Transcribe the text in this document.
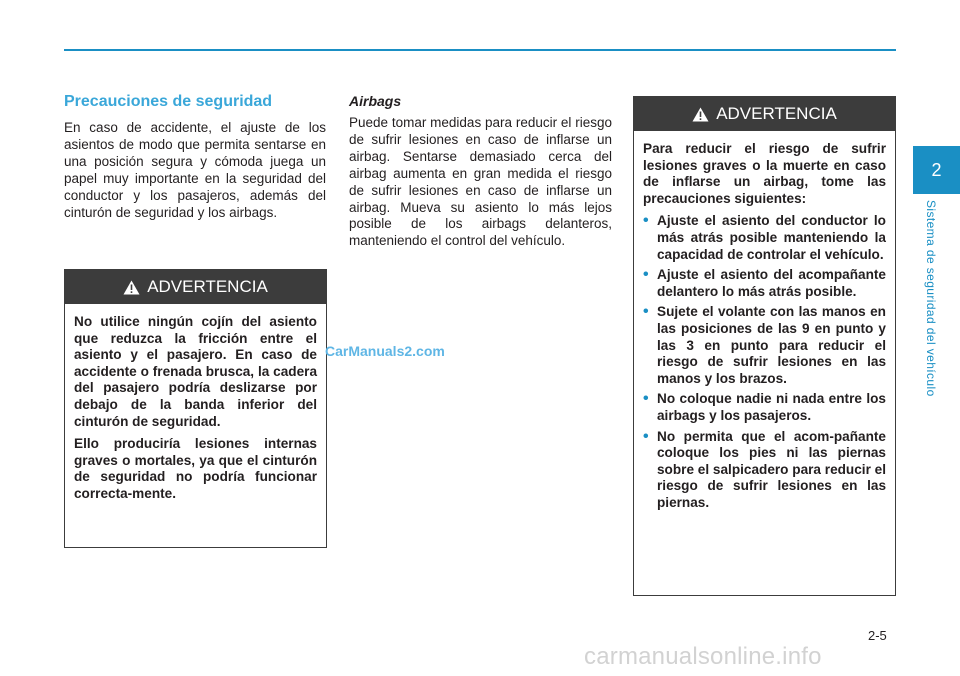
2
Sistema de seguridad del vehículo
Precauciones de seguridad

En caso de accidente, el ajuste de los asientos de modo que permita sentarse en una posición segura y cómoda juega un papel muy importante en la seguridad del conductor y los pasajeros, además del cinturón de seguridad y los airbags.

ADVERTENCIA

No utilice ningún cojín del asiento que reduzca la fricción entre el asiento y el pasajero. En caso de accidente o frenada brusca, la cadera del pasajero podría deslizarse por debajo de la banda inferior del cinturón de seguridad.

Ello produciría lesiones internas graves o mortales, ya que el cinturón de seguridad no podría funcionar correcta-mente.

Airbags

Puede tomar medidas para reducir el riesgo de sufrir lesiones en caso de inflarse un airbag. Sentarse demasiado cerca del airbag aumenta en gran medida el riesgo de sufrir lesiones en caso de inflarse un airbag. Mueva su asiento lo más lejos posible de los airbags delanteros, manteniendo el control del vehículo.

ADVERTENCIA

Para reducir el riesgo de sufrir lesiones graves o la muerte en caso de inflarse un airbag, tome las precauciones siguientes:

• Ajuste el asiento del conductor lo más atrás posible manteniendo la capacidad de controlar el vehículo.
• Ajuste el asiento del acompañante delantero lo más atrás posible.
• Sujete el volante con las manos en las posiciones de las 9 en punto y las 3 en punto para reducir el riesgo de sufrir lesiones en las manos y los brazos.
• No coloque nadie ni nada entre los airbags y los pasajeros.
• No permita que el acom-pañante coloque los pies ni las piernas sobre el salpicadero para reducir el riesgo de sufrir lesiones en las piernas.
CarManuals2.com
2-5
carmanualsonline.info
